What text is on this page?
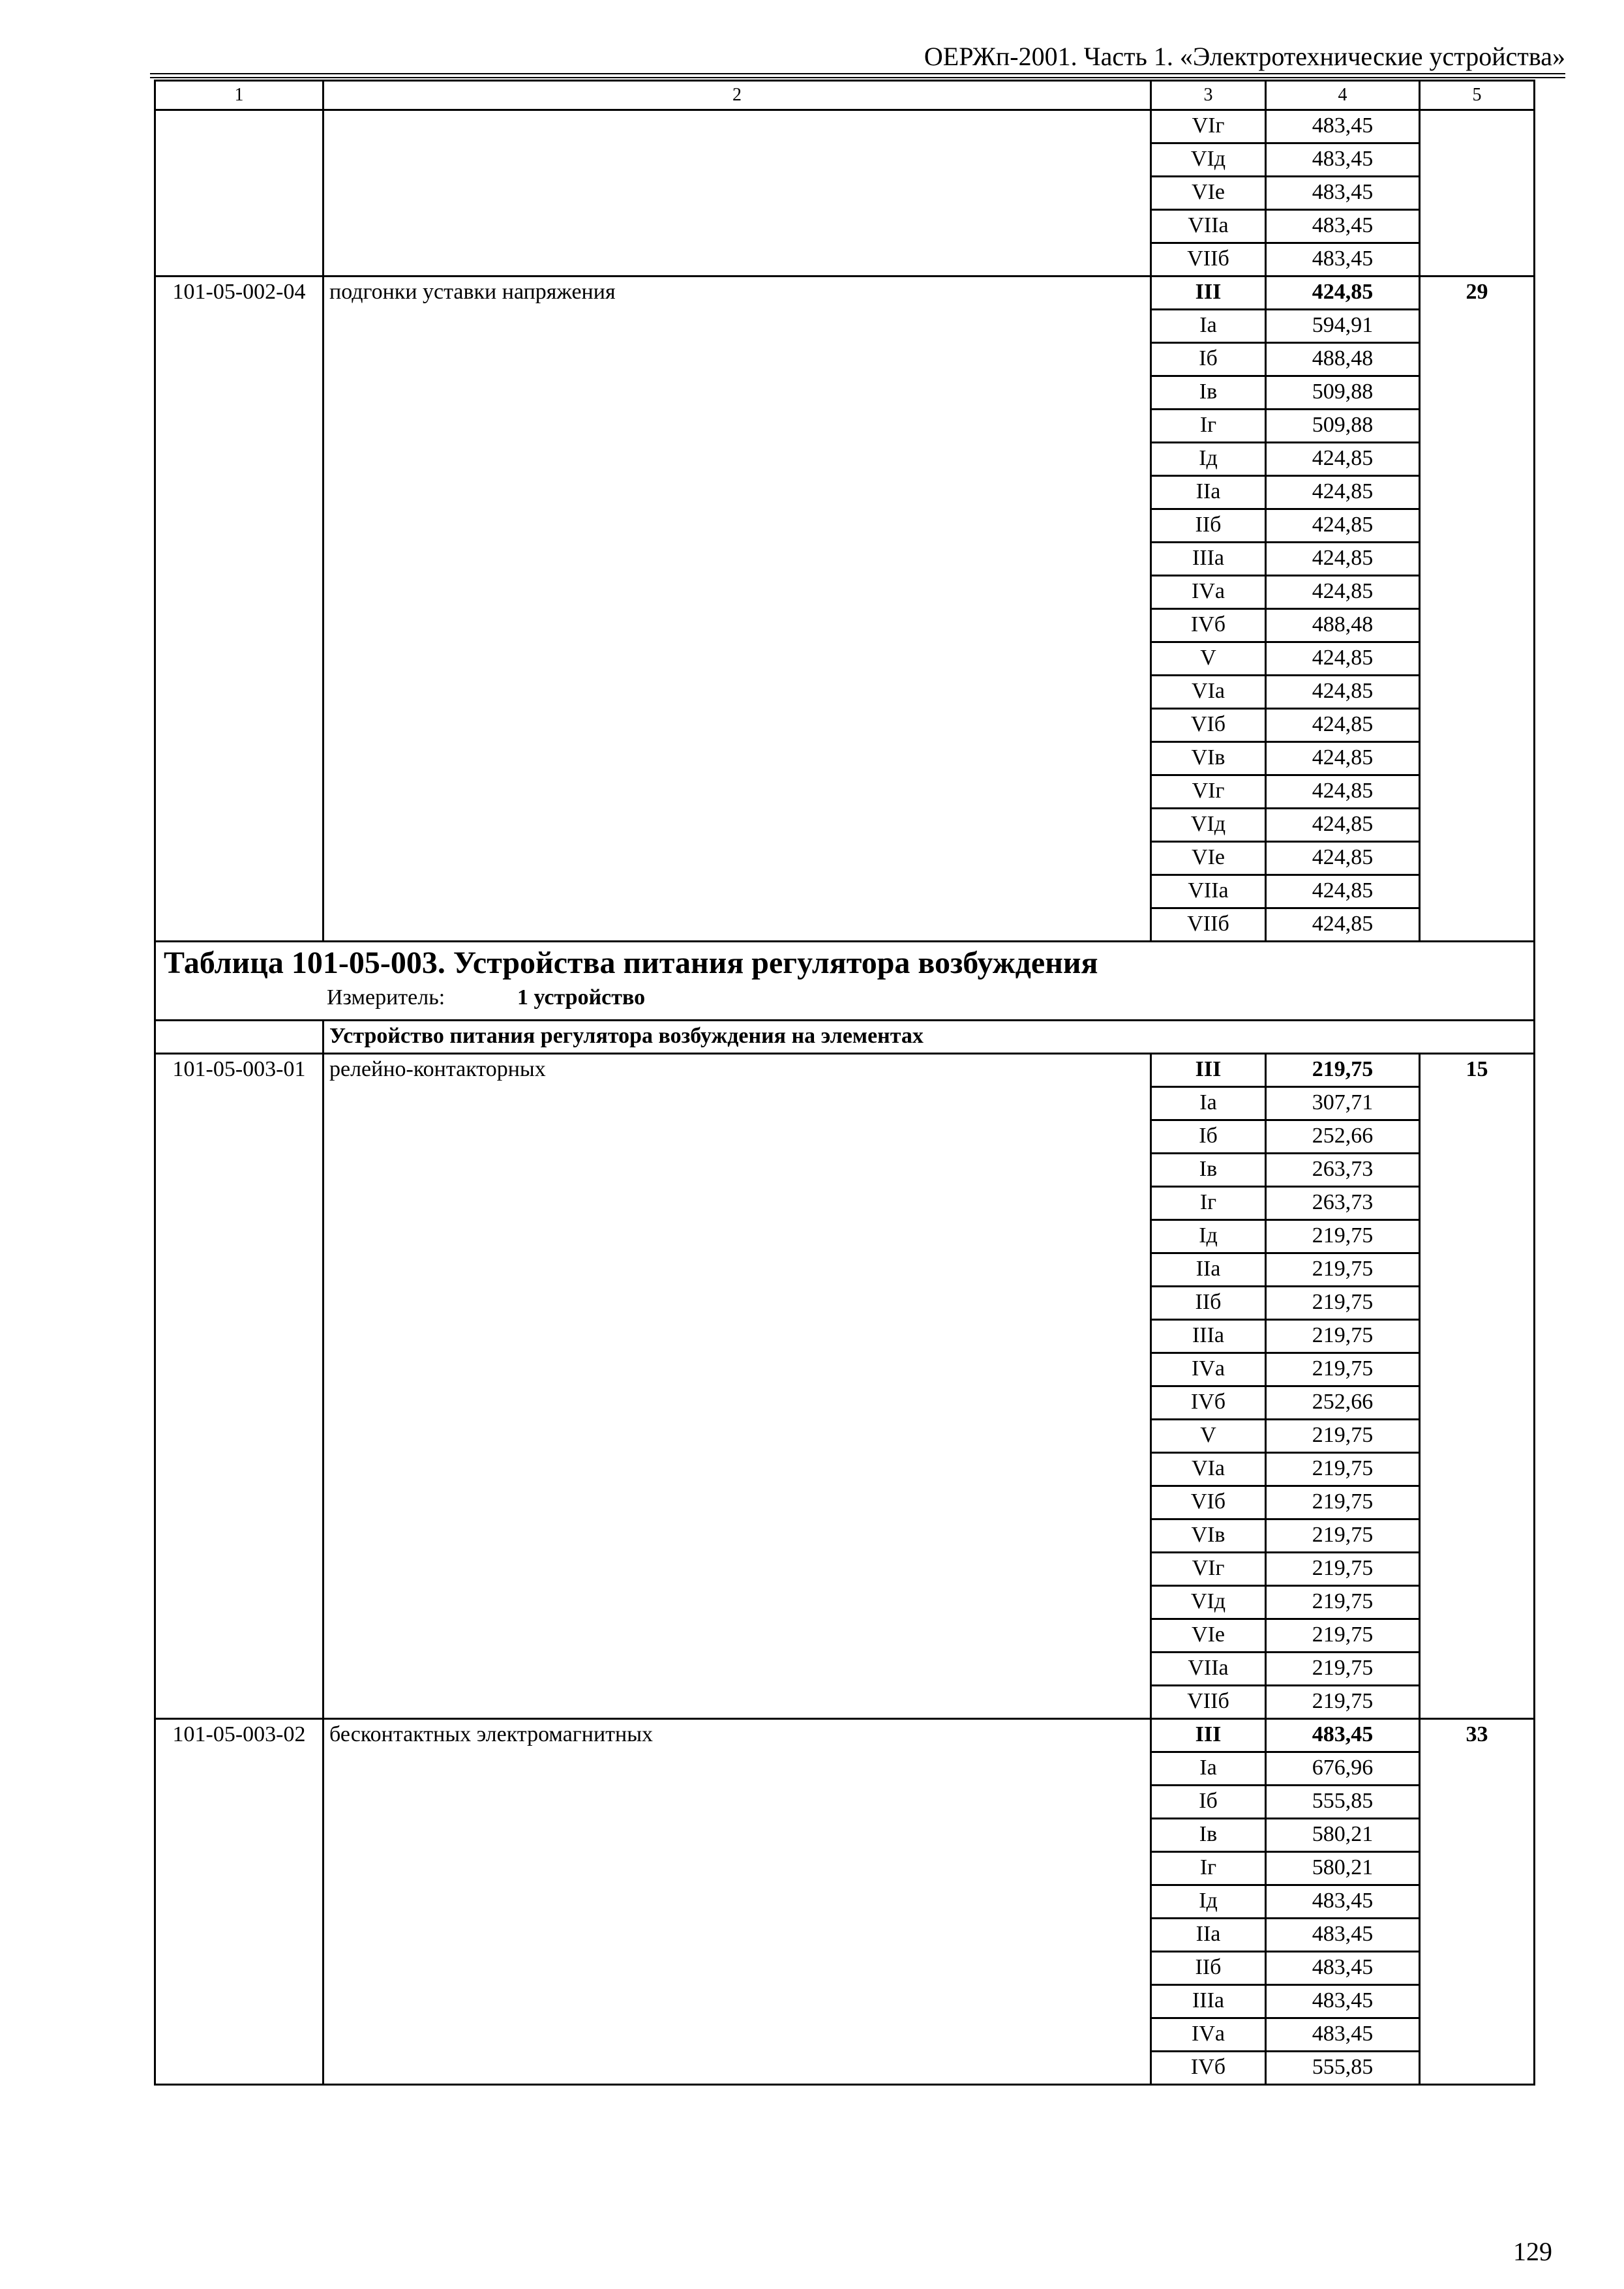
ОЕРЖп-2001. Часть 1. «Электротехнические устройства»
1	2	3	4	5
		VIг	483,45	
		VIд	483,45	
		VIе	483,45	
		VIIа	483,45	
		VIIб	483,45	
101-05-002-04	подгонки уставки напряжения	III	424,85	29
		Iа	594,91	
		Iб	488,48	
		Iв	509,88	
		Iг	509,88	
		Iд	424,85	
		IIа	424,85	
		IIб	424,85	
		IIIа	424,85	
		IVа	424,85	
		IVб	488,48	
		V	424,85	
		VIа	424,85	
		VIб	424,85	
		VIв	424,85	
		VIг	424,85	
		VIд	424,85	
		VIе	424,85	
		VIIа	424,85	
		VIIб	424,85	

Таблица 101-05-003. Устройства питания регулятора возбуждения
Измеритель: 1 устройство				

	Устройство питания регулятора возбуждения на элементах			
101-05-003-01	релейно-контакторных	III	219,75	15
		Iа	307,71	
		Iб	252,66	
		Iв	263,73	
		Iг	263,73	
		Iд	219,75	
		IIа	219,75	
		IIб	219,75	
		IIIа	219,75	
		IVа	219,75	
		IVб	252,66	
		V	219,75	
		VIа	219,75	
		VIб	219,75	
		VIв	219,75	
		VIг	219,75	
		VIд	219,75	
		VIе	219,75	
		VIIа	219,75	
		VIIб	219,75	
101-05-003-02	бесконтактных электромагнитных	III	483,45	33
		Iа	676,96	
		Iб	555,85	
		Iв	580,21	
		Iг	580,21	
		Iд	483,45	
		IIа	483,45	
		IIб	483,45	
		IIIа	483,45	
		IVа	483,45	
		IVб	555,85	
129
